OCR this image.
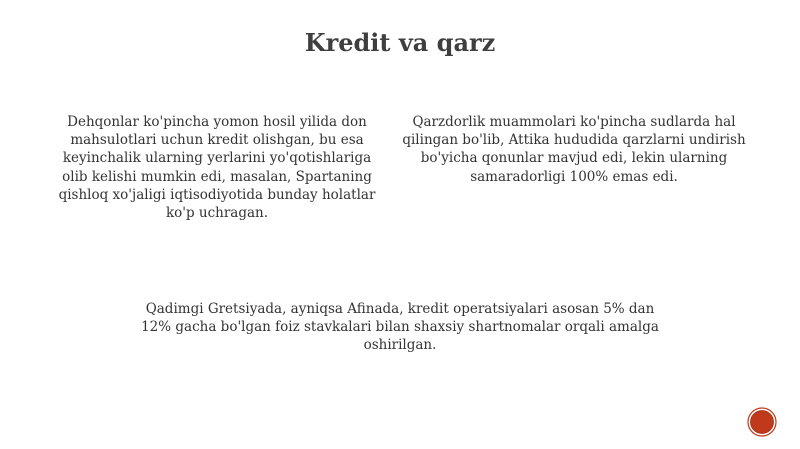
Kredit va qarz

Dehqonlar ko'pincha yomon hosil yilida don mahsulotlari uchun kredit olishgan, bu esa keyinchalik ularning yerlarini yo'qotishlariga olib kelishi mumkin edi, masalan, Spartaning qishloq xo'jaligi iqtisodiyotida bunday holatlar ko'p uchragan.

Qarzdorlik muammolari ko'pincha sudlarda hal qilingan bo'lib, Attika hududida qarzlarni undirish bo'yicha qonunlar mavjud edi, lekin ularning samaradorligi 100% emas edi.

Qadimgi Gretsiyada, ayniqsa Afinada, kredit operatsiyalari asosan 5% dan 12% gacha bo'lgan foiz stavkalari bilan shaxsiy shartnomalar orqali amalga oshirilgan.
